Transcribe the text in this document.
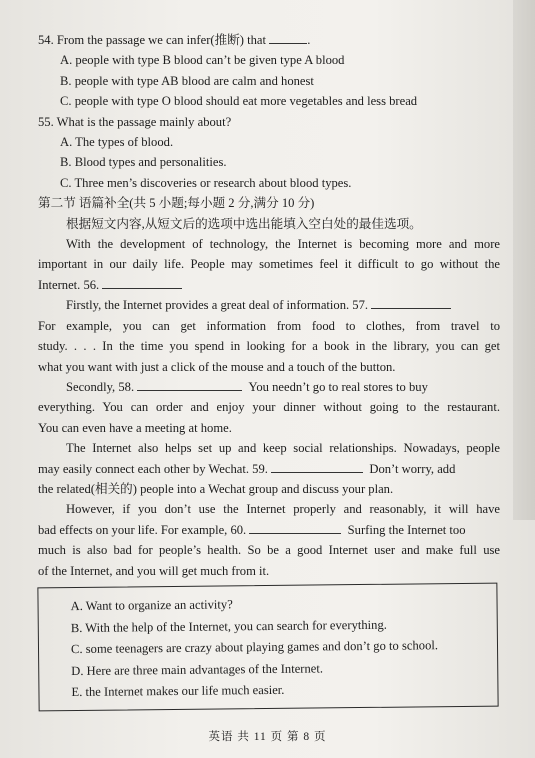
54. From the passage we can infer(推断) that	.
A. people with type B blood can’t be given type A blood
B. people with type AB blood are calm and honest
C. people with type O blood should eat more vegetables and less bread
55. What is the passage mainly about?
A. The types of blood.
B. Blood types and personalities.
C. Three men’s discoveries or research about blood types.
第二节 语篇补全(共 5 小题;每小题 2 分,满分 10 分)
根据短文内容,从短文后的选项中选出能填入空白处的最佳选项。
With the development of technology, the Internet is becoming more and more
important in our daily life. People may sometimes feel it difficult to go without the
Internet. 56.
Firstly, the Internet provides a great deal of information. 57.
For example, you can get information from food to clothes, from travel to
study. . . . In the time you spend in looking for a book in the library, you can get
what you want with just a click of the mouse and a touch of the button.
Secondly, 58.	You needn’t go to real stores to buy
everything. You can order and enjoy your dinner without going to the restaurant.
You can even have a meeting at home.
The Internet also helps set up and keep social relationships. Nowadays, people
may easily connect each other by Wechat. 59.	Don’t worry, add
the related(相关的) people into a Wechat group and discuss your plan.
However, if you don’t use the Internet properly and reasonably, it will have
bad effects on your life. For example, 60.	Surfing the Internet too
much is also bad for people’s health. So be a good Internet user and make full use
of the Internet, and you will get much from it.
A. Want to organize an activity?
B. With the help of the Internet, you can search for everything.
C. some teenagers are crazy about playing games and don’t go to school.
D. Here are three main advantages of the Internet.
E. the Internet makes our life much easier.
英语 共 11 页 第 8 页
